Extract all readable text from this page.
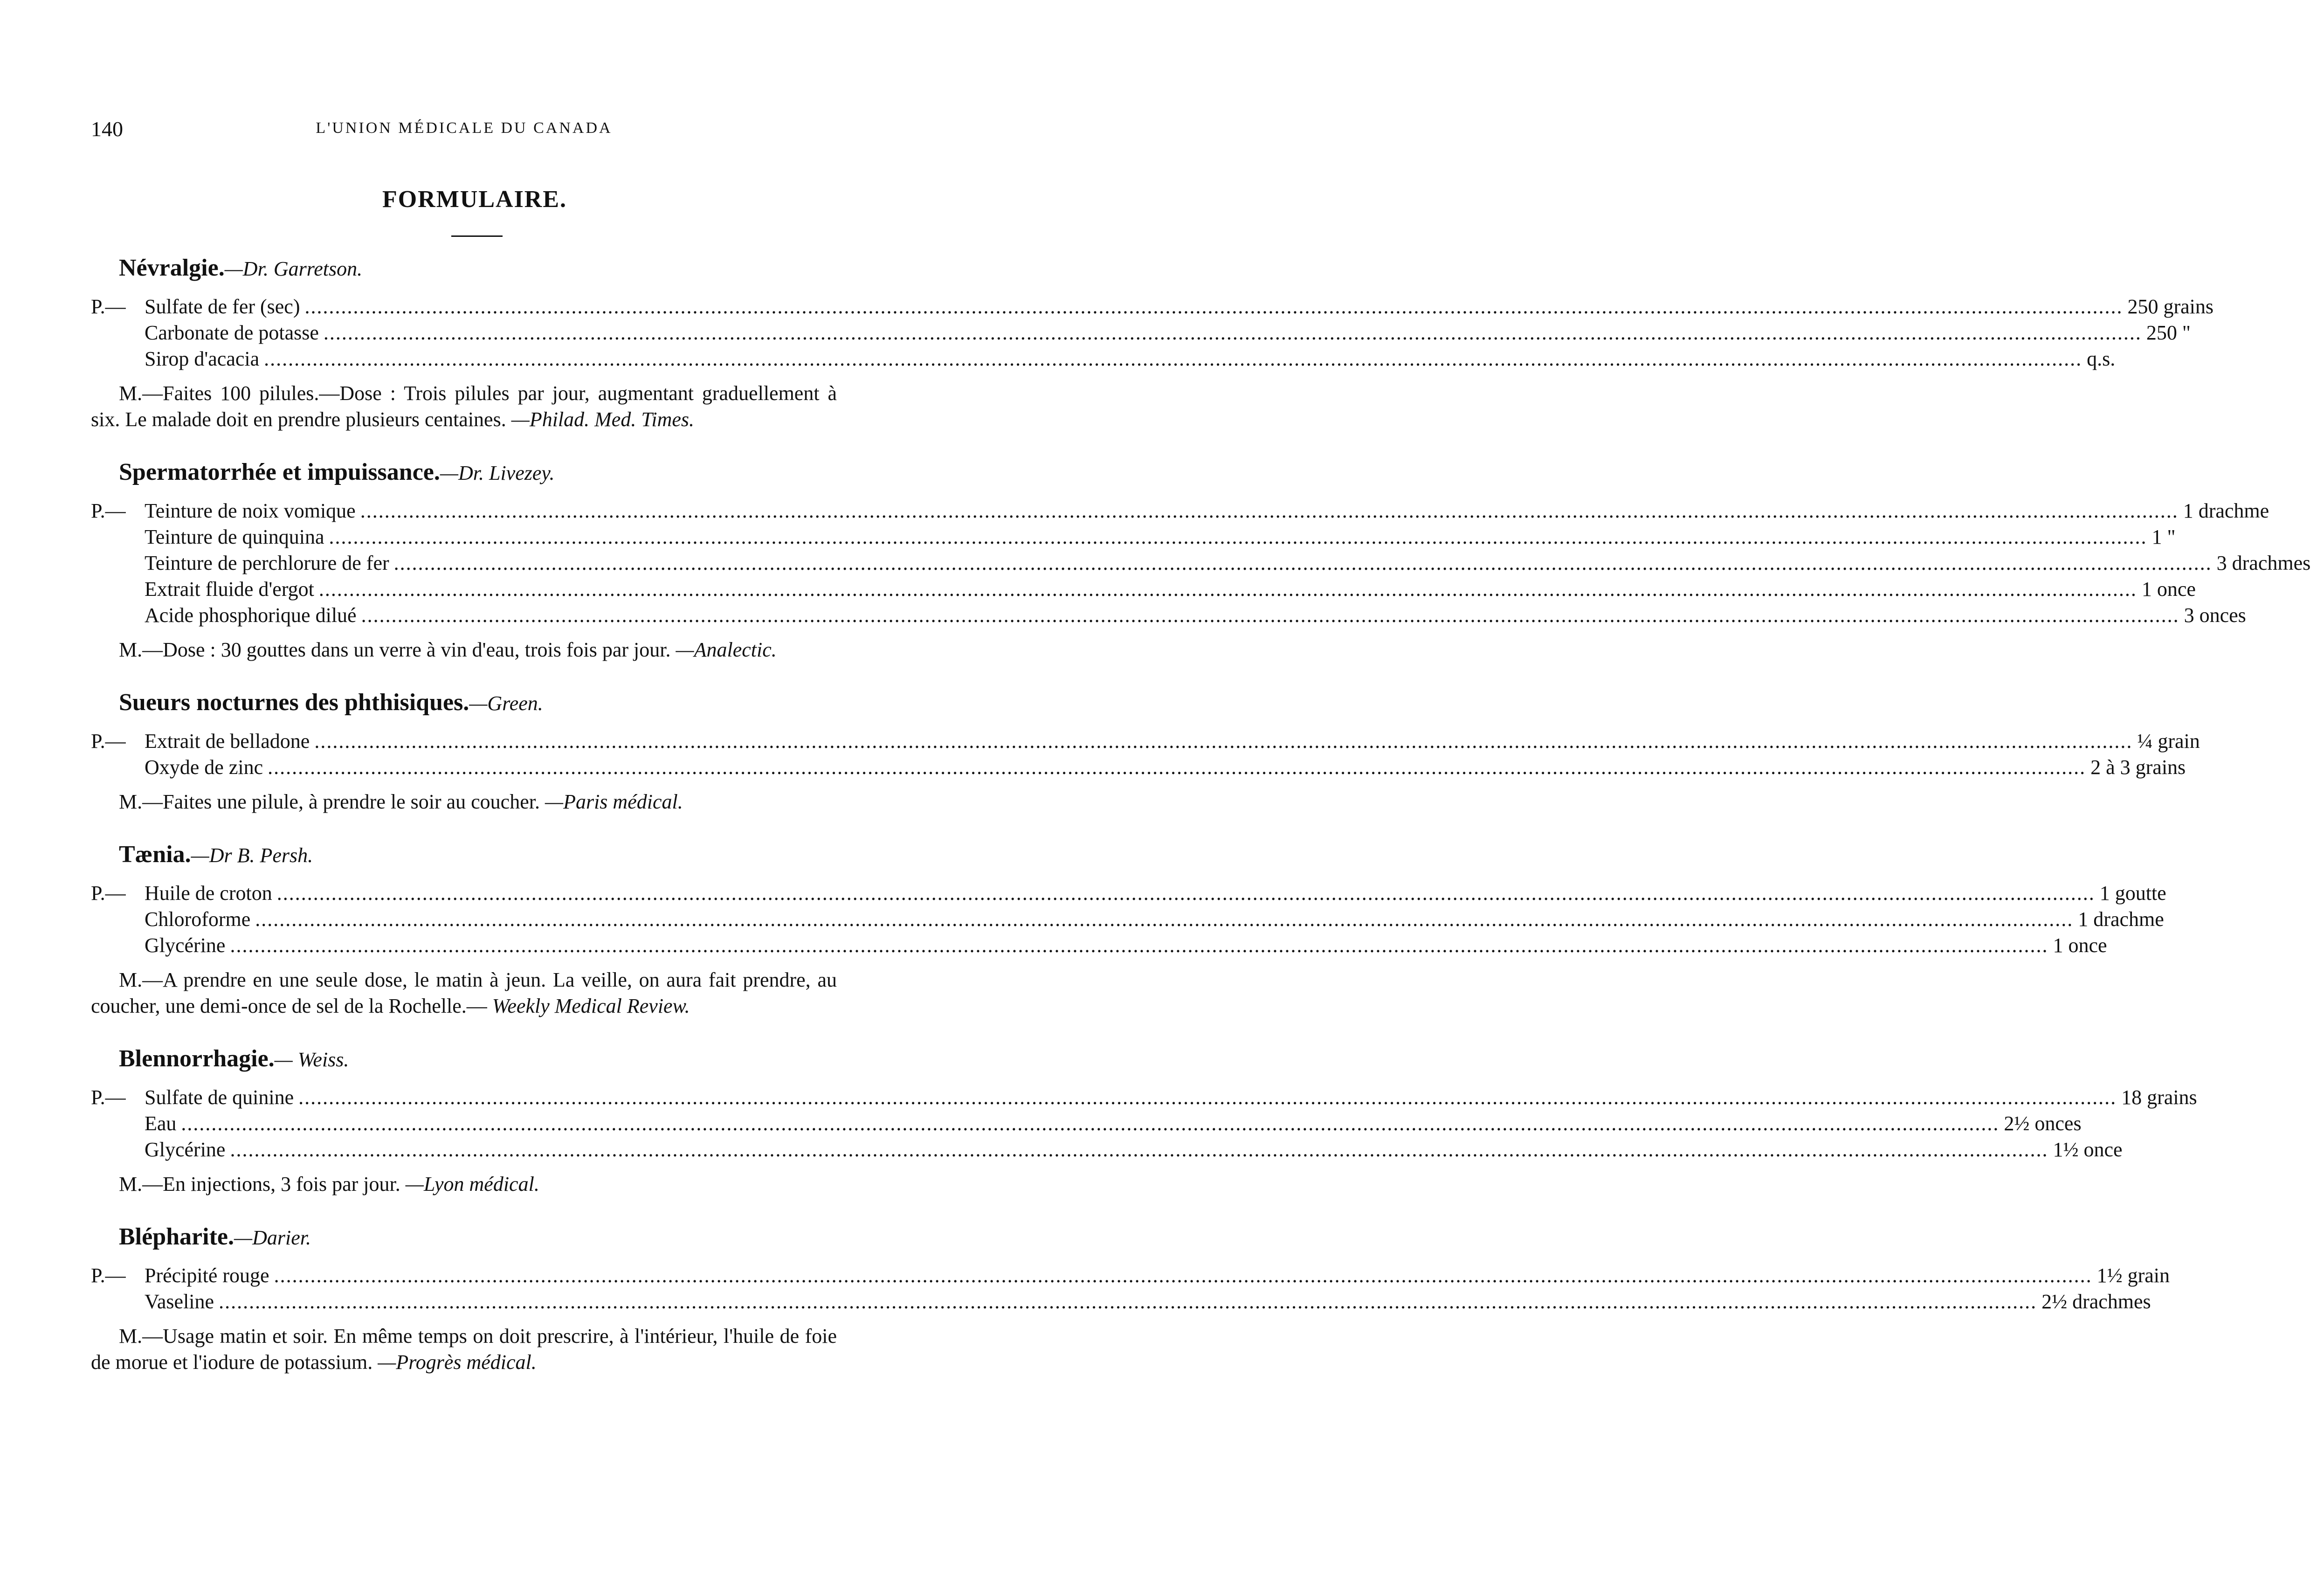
140	L'UNION MÉDICALE DU CANADA
FORMULAIRE.
Névralgie.—Dr. Garretson.
P.— Sulfate de fer (sec) ............................................................................................................................................................................................................................................................................................................ 250 grains
Carbonate de potasse ............................................................................................................................................................................................................................................................................................................ 250 "
Sirop d'acacia ............................................................................................................................................................................................................................................................................................................ q.s.
M.—Faites 100 pilules.—Dose : Trois pilules par jour, augmentant graduellement à six. Le malade doit en prendre plusieurs centaines. —Philad. Med. Times.
Spermatorrhée et impuissance.—Dr. Livezey.
P.— Teinture de noix vomique ............................................................................................................................................................................................................................................................................................................ 1 drachme
Teinture de quinquina ............................................................................................................................................................................................................................................................................................................ 1 "
Teinture de perchlorure de fer ............................................................................................................................................................................................................................................................................................................ 3 drachmes
Extrait fluide d'ergot ............................................................................................................................................................................................................................................................................................................ 1 once
Acide phosphorique dilué ............................................................................................................................................................................................................................................................................................................ 3 onces
M.—Dose : 30 gouttes dans un verre à vin d'eau, trois fois par jour. —Analectic.
Sueurs nocturnes des phthisiques.—Green.
P.— Extrait de belladone ............................................................................................................................................................................................................................................................................................................ ¼ grain
Oxyde de zinc ............................................................................................................................................................................................................................................................................................................ 2 à 3 grains
M.—Faites une pilule, à prendre le soir au coucher. —Paris médical.
Tænia.—Dr B. Persh.
P.— Huile de croton ............................................................................................................................................................................................................................................................................................................ 1 goutte
Chloroforme ............................................................................................................................................................................................................................................................................................................ 1 drachme
Glycérine ............................................................................................................................................................................................................................................................................................................ 1 once
M.—A prendre en une seule dose, le matin à jeun. La veille, on aura fait prendre, au coucher, une demi-once de sel de la Rochelle.— Weekly Medical Review.
Blennorrhagie.— Weiss.
P.— Sulfate de quinine ............................................................................................................................................................................................................................................................................................................ 18 grains
Eau ............................................................................................................................................................................................................................................................................................................ 2½ onces
Glycérine ............................................................................................................................................................................................................................................................................................................ 1½ once
M.—En injections, 3 fois par jour. —Lyon médical.
Blépharite.—Darier.
P.— Précipité rouge ............................................................................................................................................................................................................................................................................................................ 1½ grain
Vaseline ............................................................................................................................................................................................................................................................................................................ 2½ drachmes
M.—Usage matin et soir. En même temps on doit prescrire, à l'intérieur, l'huile de foie de morue et l'iodure de potassium. —Progrès médical.
